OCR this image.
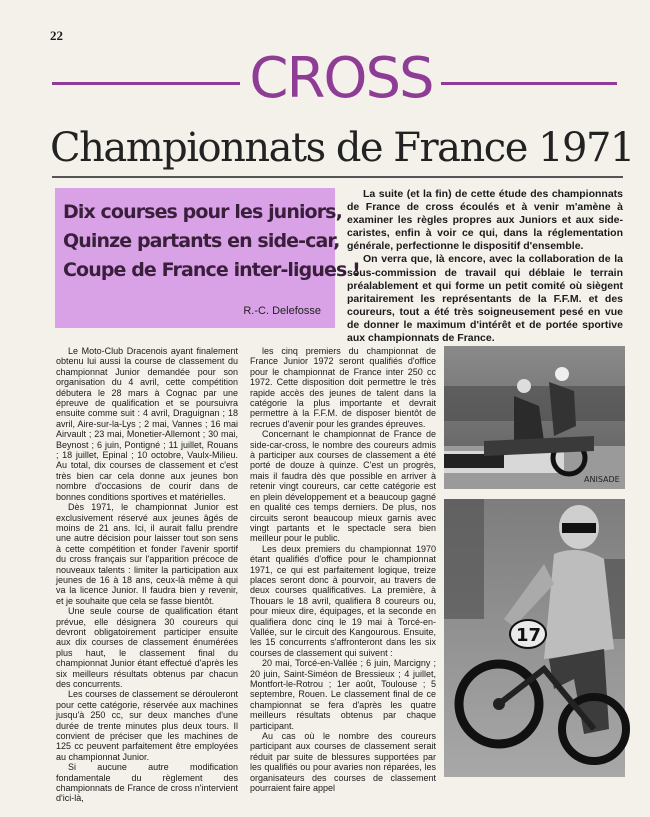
22
CROSS
Championnats de France 1971
Dix courses pour les juniors,
Quinze partants en side-car,
Coupe de France inter-ligues !
R.-C. Delefosse

La suite (et la fin) de cette étude des championnats de France de cross écoulés et à venir m'amène à examiner les règles propres aux Juniors et aux side-caristes, enfin à voir ce qui, dans la réglementation générale, perfectionne le dispositif d'ensemble.

On verra que, là encore, avec la collaboration de la sous-commission de travail qui déblaie le terrain préalablement et qui forme un petit comité où siègent paritairement les représentants de la F.F.M. et des coureurs, tout a été très soigneusement pesé en vue de donner le maximum d'intérêt et de portée sportive aux championnats de France.

Le Moto-Club Dracenois ayant finalement obtenu lui aussi la course de classement du championnat Junior demandée pour son organisation du 4 avril, cette compétition débutera le 28 mars à Cognac par une épreuve de qualification et se poursuivra ensuite comme suit : 4 avril, Draguignan ; 18 avril, Aire-sur-la-Lys ; 2 mai, Vannes ; 16 mai Airvault ; 23 mai, Monetier-Allemont ; 30 mai, Beynost ; 6 juin, Pontigné ; 11 juillet, Rouans ; 18 juillet, Epinal ; 10 octobre, Vaulx-Milieu. Au total, dix courses de classement et c'est très bien car cela donne aux jeunes bon nombre d'occasions de courir dans de bonnes conditions sportives et matérielles.

Dès 1971, le championnat Junior est exclusivement réservé aux jeunes âgés de moins de 21 ans. Ici, il aurait fallu prendre une autre décision pour laisser tout son sens à cette compétition et fonder l'avenir sportif du cross français sur l'apparition précoce de nouveaux talents : limiter la participation aux jeunes de 16 à 18 ans, ceux-là même à qui va la licence Junior. Il faudra bien y revenir, et je souhaite que cela se fasse bientôt.

Une seule course de qualification étant prévue, elle désignera 30 coureurs qui devront obligatoirement participer ensuite aux dix courses de classement énumérées plus haut, le classement final du championnat Junior étant effectué d'après les six meilleurs résultats obtenus par chacun des concurrents.

Les courses de classement se dérouleront pour cette catégorie, réservée aux machines jusqu'à 250 cc, sur deux manches d'une durée de trente minutes plus deux tours. Il convient de préciser que les machines de 125 cc peuvent parfaitement être employées au championnat Junior.

Si aucune autre modification fondamentale du règlement des championnats de France de cross n'intervient d'ici-là,

les cinq premiers du championnat de France Junior 1972 seront qualifiés d'office pour le championnat de France inter 250 cc 1972. Cette disposition doit permettre le très rapide accès des jeunes de talent dans la catégorie la plus importante et devrait permettre à la F.F.M. de disposer bientôt de recrues d'avenir pour les grandes épreuves.

Concernant le championnat de France de side-car-cross, le nombre des coureurs admis à participer aux courses de classement a été porté de douze à quinze. C'est un progrès, mais il faudra dès que possible en arriver à retenir vingt coureurs, car cette catégorie est en plein développement et a beaucoup gagné en qualité ces temps derniers. De plus, nos circuits seront beaucoup mieux garnis avec vingt partants et le spectacle sera bien meilleur pour le public.

Les deux premiers du championnat 1970 étant qualifiés d'office pour le championnat 1971, ce qui est parfaitement logique, treize places seront donc à pourvoir, au travers de deux courses qualificatives. La première, à Thouars le 18 avril, qualifiera 8 coureurs ou, pour mieux dire, équipages, et la seconde en qualifiera donc cinq le 19 mai à Torcé-en-Vallée, sur le circuit des Kangourous. Ensuite, les 15 concurrents s'affronteront dans les six courses de classement qui suivent :

20 mai, Torcé-en-Vallée ; 6 juin, Marcigny ; 20 juin, Saint-Siméon de Bressieux ; 4 juillet, Montfort-le-Rotrou ; 1er août, Toulouse ; 5 septembre, Rouen. Le classement final de ce championnat se fera d'après les quatre meilleurs résultats obtenus par chaque participant.

Au cas où le nombre des coureurs participant aux courses de classement serait réduit par suite de blessures supportées par les qualifiés ou pour avaries non réparées, les organisateurs des courses de classement pourraient faire appel

ANISADE
17
